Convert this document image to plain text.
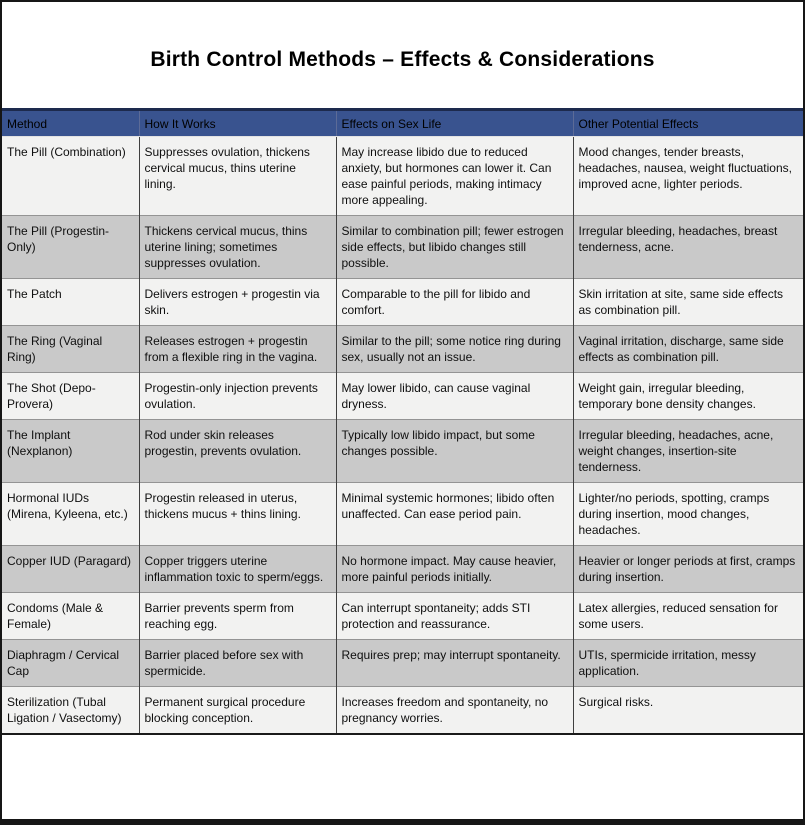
Birth Control Methods – Effects & Considerations
Method	How It Works	Effects on Sex Life	Other Potential Effects
The Pill (Combination)	Suppresses ovulation, thickens cervical mucus, thins uterine lining.	May increase libido due to reduced anxiety, but hormones can lower it. Can ease painful periods, making intimacy more appealing.	Mood changes, tender breasts, headaches, nausea, weight fluctuations, improved acne, lighter periods.
The Pill (Progestin-Only)	Thickens cervical mucus, thins uterine lining; sometimes suppresses ovulation.	Similar to combination pill; fewer estrogen side effects, but libido changes still possible.	Irregular bleeding, headaches, breast tenderness, acne.
The Patch	Delivers estrogen + progestin via skin.	Comparable to the pill for libido and comfort.	Skin irritation at site, same side effects as combination pill.
The Ring (Vaginal Ring)	Releases estrogen + progestin from a flexible ring in the vagina.	Similar to the pill; some notice ring during sex, usually not an issue.	Vaginal irritation, discharge, same side effects as combination pill.
The Shot (Depo-Provera)	Progestin-only injection prevents ovulation.	May lower libido, can cause vaginal dryness.	Weight gain, irregular bleeding, temporary bone density changes.
The Implant (Nexplanon)	Rod under skin releases progestin, prevents ovulation.	Typically low libido impact, but some changes possible.	Irregular bleeding, headaches, acne, weight changes, insertion-site tenderness.
Hormonal IUDs (Mirena, Kyleena, etc.)	Progestin released in uterus, thickens mucus + thins lining.	Minimal systemic hormones; libido often unaffected. Can ease period pain.	Lighter/no periods, spotting, cramps during insertion, mood changes, headaches.
Copper IUD (Paragard)	Copper triggers uterine inflammation toxic to sperm/eggs.	No hormone impact. May cause heavier, more painful periods initially.	Heavier or longer periods at first, cramps during insertion.
Condoms (Male & Female)	Barrier prevents sperm from reaching egg.	Can interrupt spontaneity; adds STI protection and reassurance.	Latex allergies, reduced sensation for some users.
Diaphragm / Cervical Cap	Barrier placed before sex with spermicide.	Requires prep; may interrupt spontaneity.	UTIs, spermicide irritation, messy application.
Sterilization (Tubal Ligation / Vasectomy)	Permanent surgical procedure blocking conception.	Increases freedom and spontaneity, no pregnancy worries.	Surgical risks.
